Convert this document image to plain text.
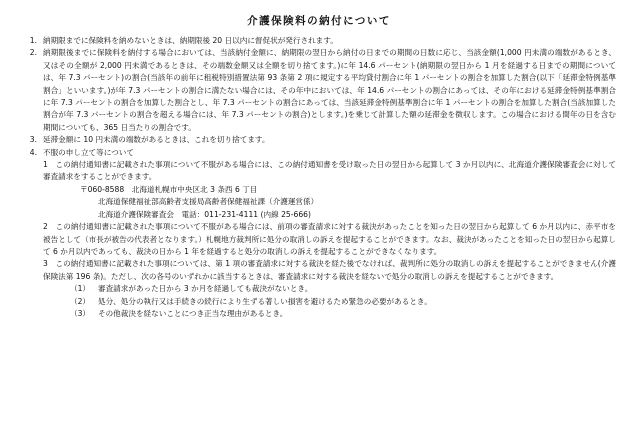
介護保険料の納付について
1. 納期限までに保険料を納めないときは、納期限後 20 日以内に督促状が発行されます。
2. 納期限後までに保険料を納付する場合においては、当該納付金額に、納期限の翌日から納付の日までの期間の日数に応じ、当該金額(1,000 円未満の端数があるとき、又はその全額が 2,000 円未満であるときは、その端数金額又は全額を切り捨てます。)に年 14.6 パーセント(納期限の翌日から 1 月を経過する日までの期間については、年 7.3 パーセント)の割合(当該年の前年に租税特別措置法第 93 条第 2 項に規定する平均貸付割合に年 1 パーセントの割合を加算した割合(以下「延滞金特例基準割合」といいます。)が年 7.3 パーセントの割合に満たない場合には、その年中においては、年 14.6 パーセントの割合にあっては、その年における延滞金特例基準割合に年 7.3 パーセントの割合を加算した割合とし、年 7.3 パーセントの割合にあっては、当該延滞金特例基準割合に年 1 パーセントの割合を加算した割合(当該加算した割合が年 7.3 パーセントの割合を超える場合には、年 7.3 パーセントの割合)とします。)を乗じて計算した額の延滞金を徴収します。この場合における閏年の日を含む期間についても、365 日当たりの割合です。
3. 延滞金額に 10 円未満の端数があるときは、これを切り捨てます。
4. 不服の申し立て等について
1　この納付通知書に記載された事項について不服がある場合には、この納付通知書を受け取った日の翌日から起算して 3 か月以内に、北海道介護保険審査会に対して審査請求をすることができます。
〒060-8588　北海道札幌市中央区北 3 条西 6 丁目
北海道保健福祉部高齢者支援局高齢者保健福祉課（介護運営係）
北海道介護保険審査会　電話：011-231-4111 (内線 25-666)
2　この納付通知書に記載された事項について不服がある場合には、前項の審査請求に対する裁決があったことを知った日の翌日から起算して 6 か月以内に、赤平市を被告として（市長が被告の代表者となります。）札幌地方裁判所に処分の取消しの訴えを提起することができます。なお、裁決があったことを知った日の翌日から起算して 6 か月以内であっても、裁決の日から 1 年を経過すると処分の取消しの訴えを提起することができなくなります。
3　この納付通知書に記載された事項については、第 1 項の審査請求に対する裁決を経た後でなければ、裁判所に処分の取消しの訴えを提起することができません(介護保険法第 196 条)。ただし、次の各号のいずれかに該当するときは、審査請求に対する裁決を経ないで処分の取消しの訴えを提起することができます。
（1）	審査請求があった日から 3 か月を経過しても裁決がないとき。
（2）	処分、処分の執行又は手続きの続行により生ずる著しい損害を避けるため緊急の必要があるとき。
（3）	その他裁決を経ないことにつき正当な理由があるとき。
